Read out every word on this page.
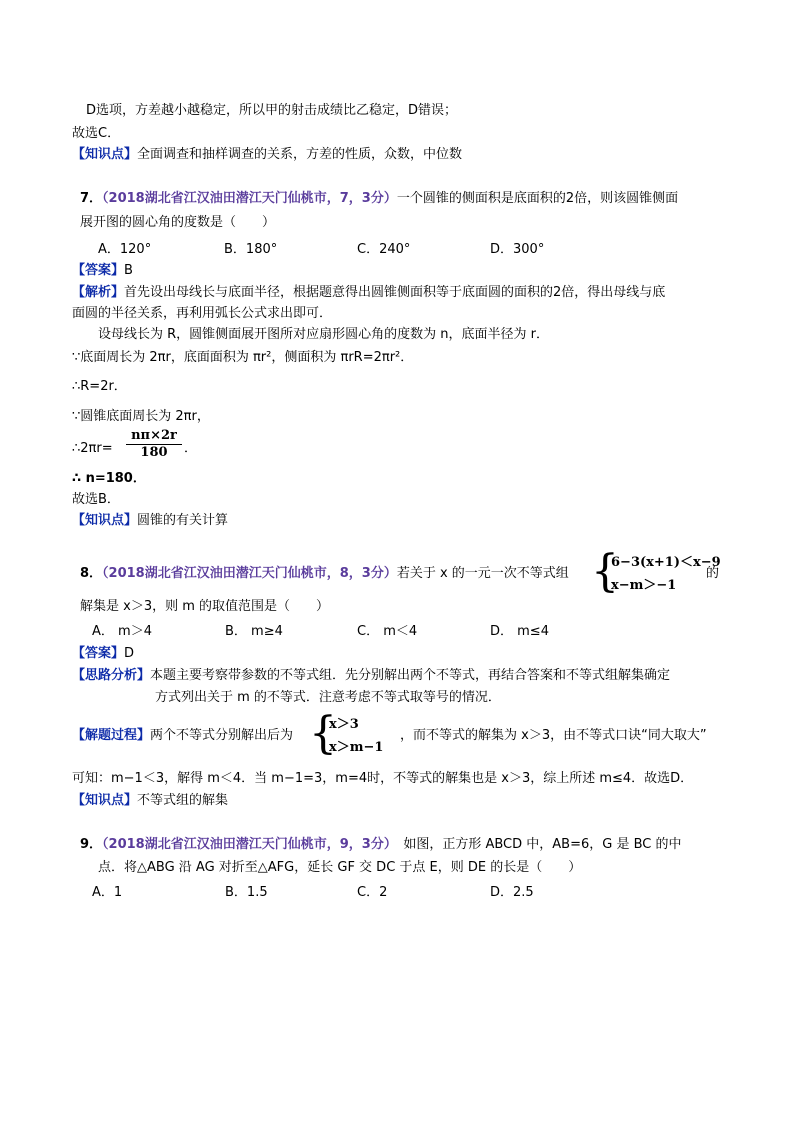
D选项，方差越小越稳定，所以甲的射击成绩比乙稳定，D错误；
故选C．
【知识点】全面调查和抽样调查的关系，方差的性质，众数，中位数
7．（2018湖北省江汉油田潜江天门仙桃市，7，3分）一个圆锥的侧面积是底面积的2倍，则该圆锥侧面
展开图的圆心角的度数是（　　）
A．120°	B．180°	C．240°	D．300°
【答案】B
【解析】首先设出母线长与底面半径，根据题意得出圆锥侧面积等于底面圆的面积的2倍，得出母线与底
面圆的半径关系，再利用弧长公式求出即可．
设母线长为 R，圆锥侧面展开图所对应扇形圆心角的度数为 n，底面半径为 r．
∵底面周长为 2πr，底面面积为 πr²，侧面积为 πrR=2πr²．
∴R=2r．
∵圆锥底面周长为 2πr，
∴2πr=
nπ×2r
180	．
∴ n=180．
故选B．
【知识点】圆锥的有关计算
8．（2018湖北省江汉油田潜江天门仙桃市，8，3分）若关于 x 的一元一次不等式组 {
6−3(x+1)＜x−9
x−m＞−1
的
解集是 x＞3，则 m 的取值范围是（　　）
A． m＞4	B． m≥4	C． m＜4	D． m≤4
【答案】D
【思路分析】本题主要考察带参数的不等式组．先分别解出两个不等式，再结合答案和不等式组解集确定
方式列出关于 m 的不等式．注意考虑不等式取等号的情况．
【解题过程】两个不等式分别解出后为 {
x＞3
x＞m−1
，而不等式的解集为 x＞3，由不等式口诀“同大取大”
可知：m−1＜3，解得 m＜4．当 m−1=3，m=4时，不等式的解集也是 x＞3，综上所述 m≤4．故选D．
【知识点】不等式组的解集
9．（2018湖北省江汉油田潜江天门仙桃市，9，3分）　如图，正方形 ABCD 中，AB=6，G 是 BC 的中
点．将△ABG 沿 AG 对折至△AFG，延长 GF 交 DC 于点 E，则 DE 的长是（　　）
A．1	B．1.5	C．2	D．2.5
